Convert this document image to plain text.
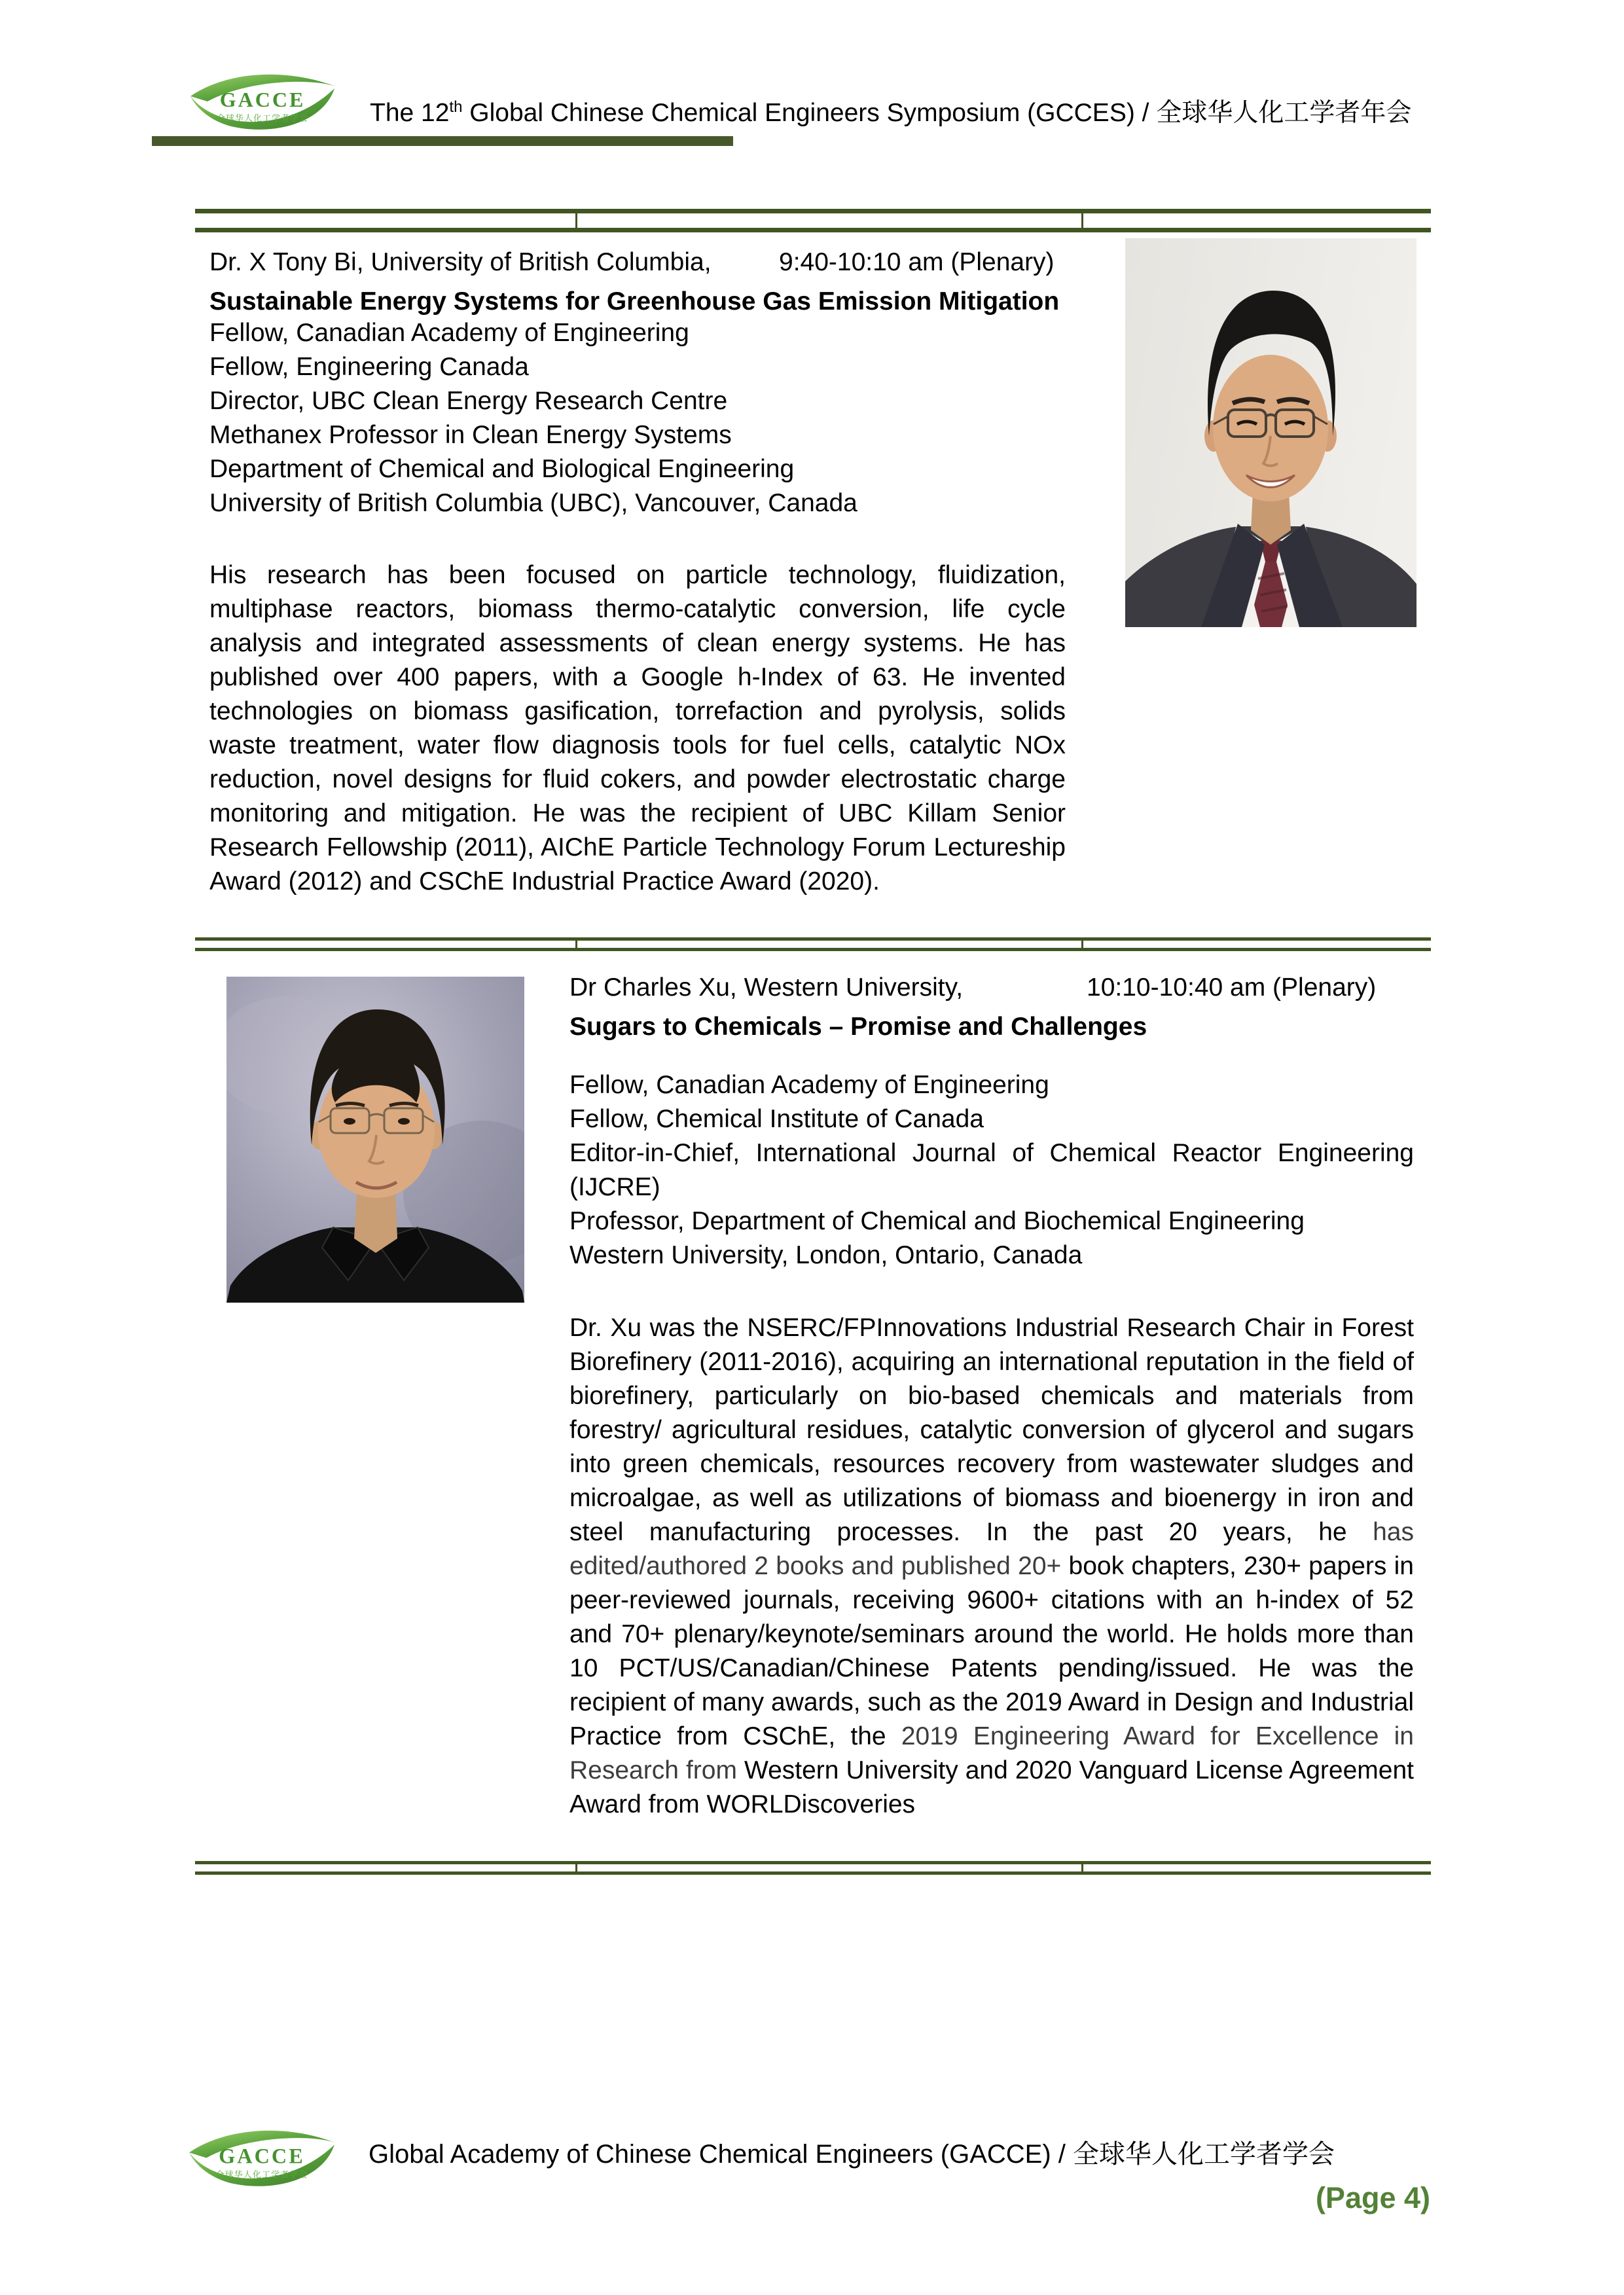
GACCE
全球华人化工学者学会 The 12th Global Chinese Chemical Engineers Symposium (GCCES) / 全球华人化工学者年会
Dr. X Tony Bi, University of British Columbia,	9:40-10:10 am (Plenary)
Sustainable Energy Systems for Greenhouse Gas Emission Mitigation
Fellow, Canadian Academy of Engineering
Fellow, Engineering Canada
Director, UBC Clean Energy Research Centre
Methanex Professor in Clean Energy Systems
Department of Chemical and Biological Engineering
University of British Columbia (UBC), Vancouver, Canada

His research has been focused on particle technology, fluidization, multiphase reactors, biomass thermo-catalytic conversion, life cycle analysis and integrated assessments of clean energy systems. He has published over 400 papers, with a Google h-Index of 63. He invented technologies on biomass gasification, torrefaction and pyrolysis, solids waste treatment, water flow diagnosis tools for fuel cells, catalytic NOx reduction, novel designs for fluid cokers, and powder electrostatic charge monitoring and mitigation. He was the recipient of UBC Killam Senior Research Fellowship (2011), AIChE Particle Technology Forum Lectureship Award (2012) and CSChE Industrial Practice Award (2020).

Dr Charles Xu, Western University,	10:10-10:40 am (Plenary)
Sugars to Chemicals – Promise and Challenges
Fellow, Canadian Academy of Engineering
Fellow, Chemical Institute of Canada
Editor-in-Chief, International Journal of Chemical Reactor Engineering
(IJCRE)
Professor, Department of Chemical and Biochemical Engineering
Western University, London, Ontario, Canada

Dr. Xu was the NSERC/FPInnovations Industrial Research Chair in Forest Biorefinery (2011-2016), acquiring an international reputation in the field of biorefinery, particularly on bio-based chemicals and materials from forestry/ agricultural residues, catalytic conversion of glycerol and sugars into green chemicals, resources recovery from wastewater sludges and microalgae, as well as utilizations of biomass and bioenergy in iron and steel manufacturing processes. In the past 20 years, he has edited/authored 2 books and published 20+ book chapters, 230+ papers in peer-reviewed journals, receiving 9600+ citations with an h-index of 52 and 70+ plenary/keynote/seminars around the world. He holds more than 10 PCT/US/Canadian/Chinese Patents pending/issued. He was the recipient of many awards, such as the 2019 Award in Design and Industrial Practice from CSChE, the 2019 Engineering Award for Excellence in Research from Western University and 2020 Vanguard License Agreement Award from WORLDiscoveries

GACCE
全球华人化工学者学会
Global Academy of Chinese Chemical Engineers (GACCE) / 全球华人化工学者学会
(Page 4)
